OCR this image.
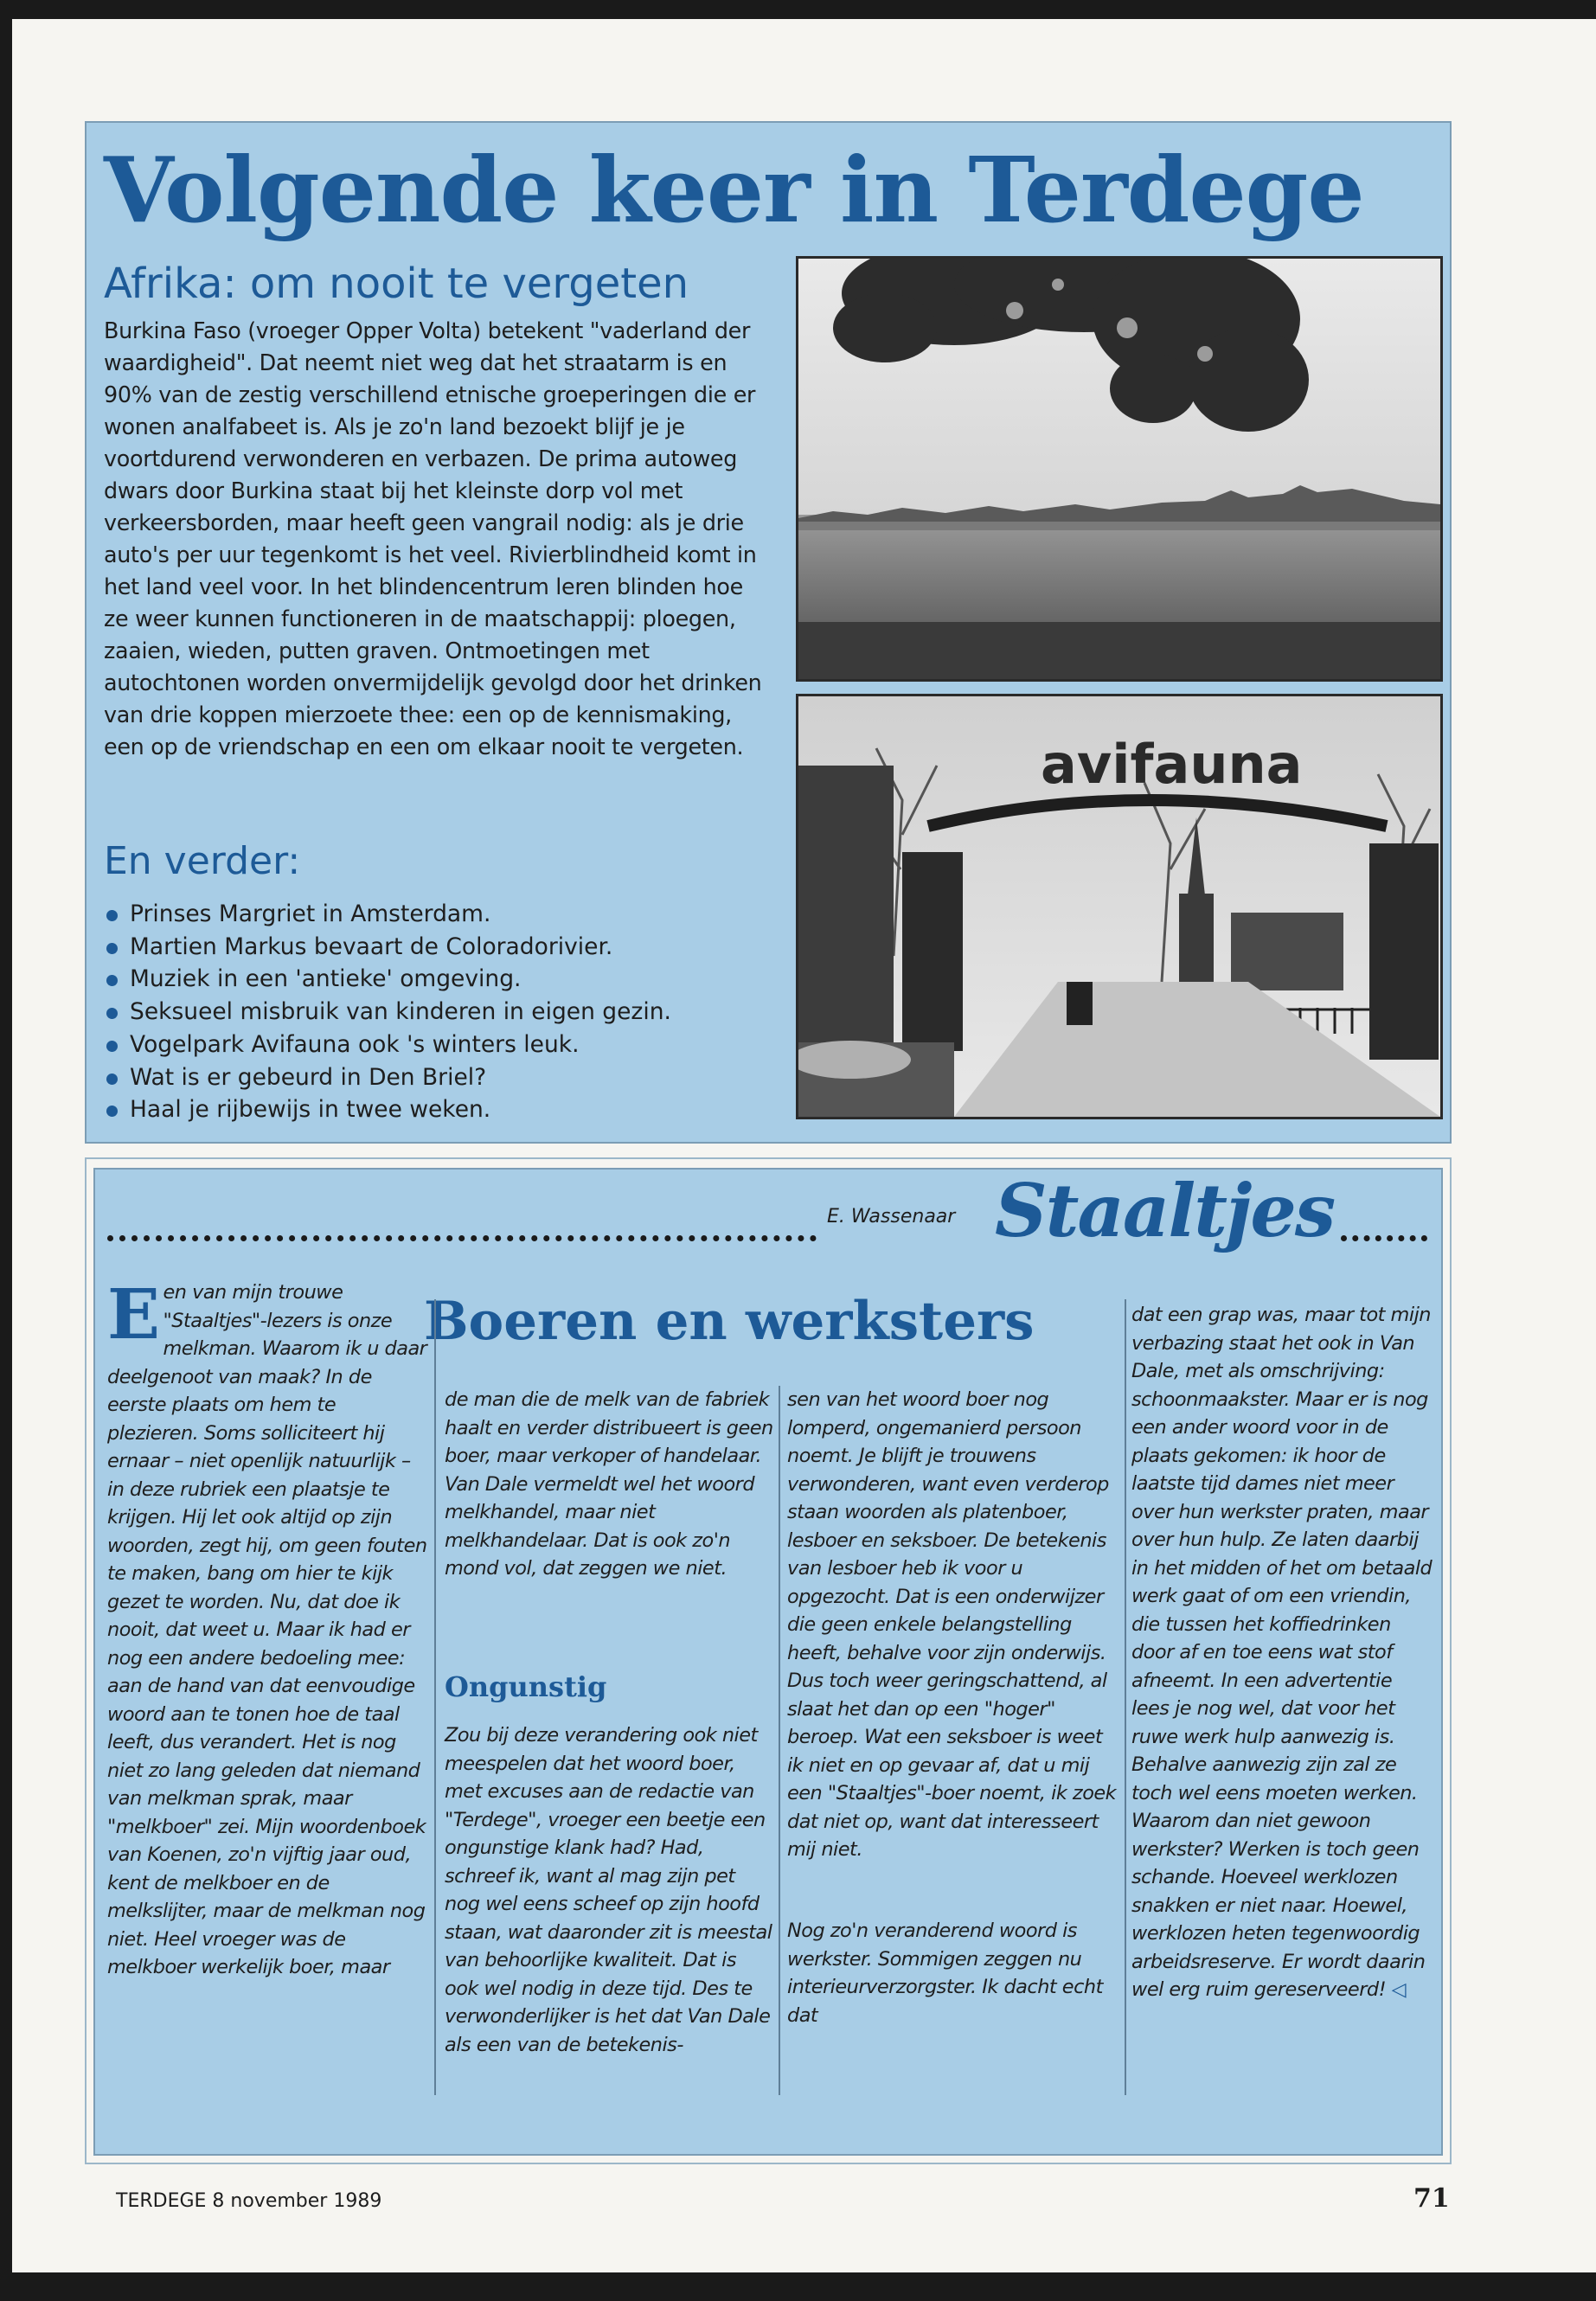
Volgende keer in Terdege
Afrika: om nooit te vergeten

Burkina Faso (vroeger Opper Volta) betekent "vaderland der waardigheid". Dat neemt niet weg dat het straatarm is en 90% van de zestig verschillend etnische groeperingen die er wonen analfabeet is. Als je zo'n land bezoekt blijf je je voortdurend verwonderen en verbazen. De prima autoweg dwars door Burkina staat bij het kleinste dorp vol met verkeersborden, maar heeft geen vangrail nodig: als je drie auto's per uur tegenkomt is het veel. Rivierblindheid komt in het land veel voor. In het blindencentrum leren blinden hoe ze weer kunnen functioneren in de maatschappij: ploegen, zaaien, wieden, putten graven. Ontmoetingen met autochtonen worden onvermijdelijk gevolgd door het drinken van drie koppen mierzoete thee: een op de kennismaking, een op de vriendschap en een om elkaar nooit te vergeten.

En verder:
Prinses Margriet in Amsterdam.
Martien Markus bevaart de Coloradorivier.
Muziek in een 'antieke' omgeving.
Seksueel misbruik van kinderen in eigen gezin.
Vogelpark Avifauna ook 's winters leuk.
Wat is er gebeurd in Den Briel?
Haal je rijbewijs in twee weken.
avifauna

E. Wassenaar Staaltjes

Boeren en werksters

Een van mijn trouwe "Staaltjes"-lezers is onze melkman. Waarom ik u daar deelgenoot van maak? In de eerste plaats om hem te plezieren. Soms solliciteert hij ernaar – niet openlijk natuurlijk – in deze rubriek een plaatsje te krijgen. Hij let ook altijd op zijn woorden, zegt hij, om geen fouten te maken, bang om hier te kijk gezet te worden. Nu, dat doe ik nooit, dat weet u. Maar ik had er nog een andere bedoeling mee: aan de hand van dat eenvoudige woord aan te tonen hoe de taal leeft, dus verandert. Het is nog niet zo lang geleden dat niemand van melkman sprak, maar "melkboer" zei. Mijn woordenboek van Koenen, zo'n vijftig jaar oud, kent de melkboer en de melkslijter, maar de melkman nog niet. Heel vroeger was de melkboer werkelijk boer, maar

de man die de melk van de fabriek haalt en verder distribueert is geen boer, maar verkoper of handelaar. Van Dale vermeldt wel het woord melkhandel, maar niet melkhandelaar. Dat is ook zo'n mond vol, dat zeggen we niet.

Ongunstig

Zou bij deze verandering ook niet meespelen dat het woord boer, met excuses aan de redactie van "Terdege", vroeger een beetje een ongunstige klank had? Had, schreef ik, want al mag zijn pet nog wel eens scheef op zijn hoofd staan, wat daaronder zit is meestal van behoorlijke kwaliteit. Dat is ook wel nodig in deze tijd. Des te verwonderlijker is het dat Van Dale als een van de betekenis-

sen van het woord boer nog lomperd, ongemanierd persoon noemt. Je blijft je trouwens verwonderen, want even verderop staan woorden als platenboer, lesboer en seksboer. De betekenis van lesboer heb ik voor u opgezocht. Dat is een onderwijzer die geen enkele belangstelling heeft, behalve voor zijn onderwijs. Dus toch weer geringschattend, al slaat het dan op een "hoger" beroep. Wat een seksboer is weet ik niet en op gevaar af, dat u mij een "Staaltjes"-boer noemt, ik zoek dat niet op, want dat interesseert mij niet.

Nog zo'n veranderend woord is werkster. Sommigen zeggen nu interieurverzorgster. Ik dacht echt dat

dat een grap was, maar tot mijn verbazing staat het ook in Van Dale, met als omschrijving: schoonmaakster. Maar er is nog een ander woord voor in de plaats gekomen: ik hoor de laatste tijd dames niet meer over hun werkster praten, maar over hun hulp. Ze laten daarbij in het midden of het om betaald werk gaat of om een vriendin, die tussen het koffiedrinken door af en toe eens wat stof afneemt. In een advertentie lees je nog wel, dat voor het ruwe werk hulp aanwezig is. Behalve aanwezig zijn zal ze toch wel eens moeten werken. Waarom dan niet gewoon werkster? Werken is toch geen schande. Hoeveel werklozen snakken er niet naar. Hoewel, werklozen heten tegenwoordig arbeidsreserve. Er wordt daarin wel erg ruim gereserveerd! ◁

TERDEGE 8 november 1989	71
